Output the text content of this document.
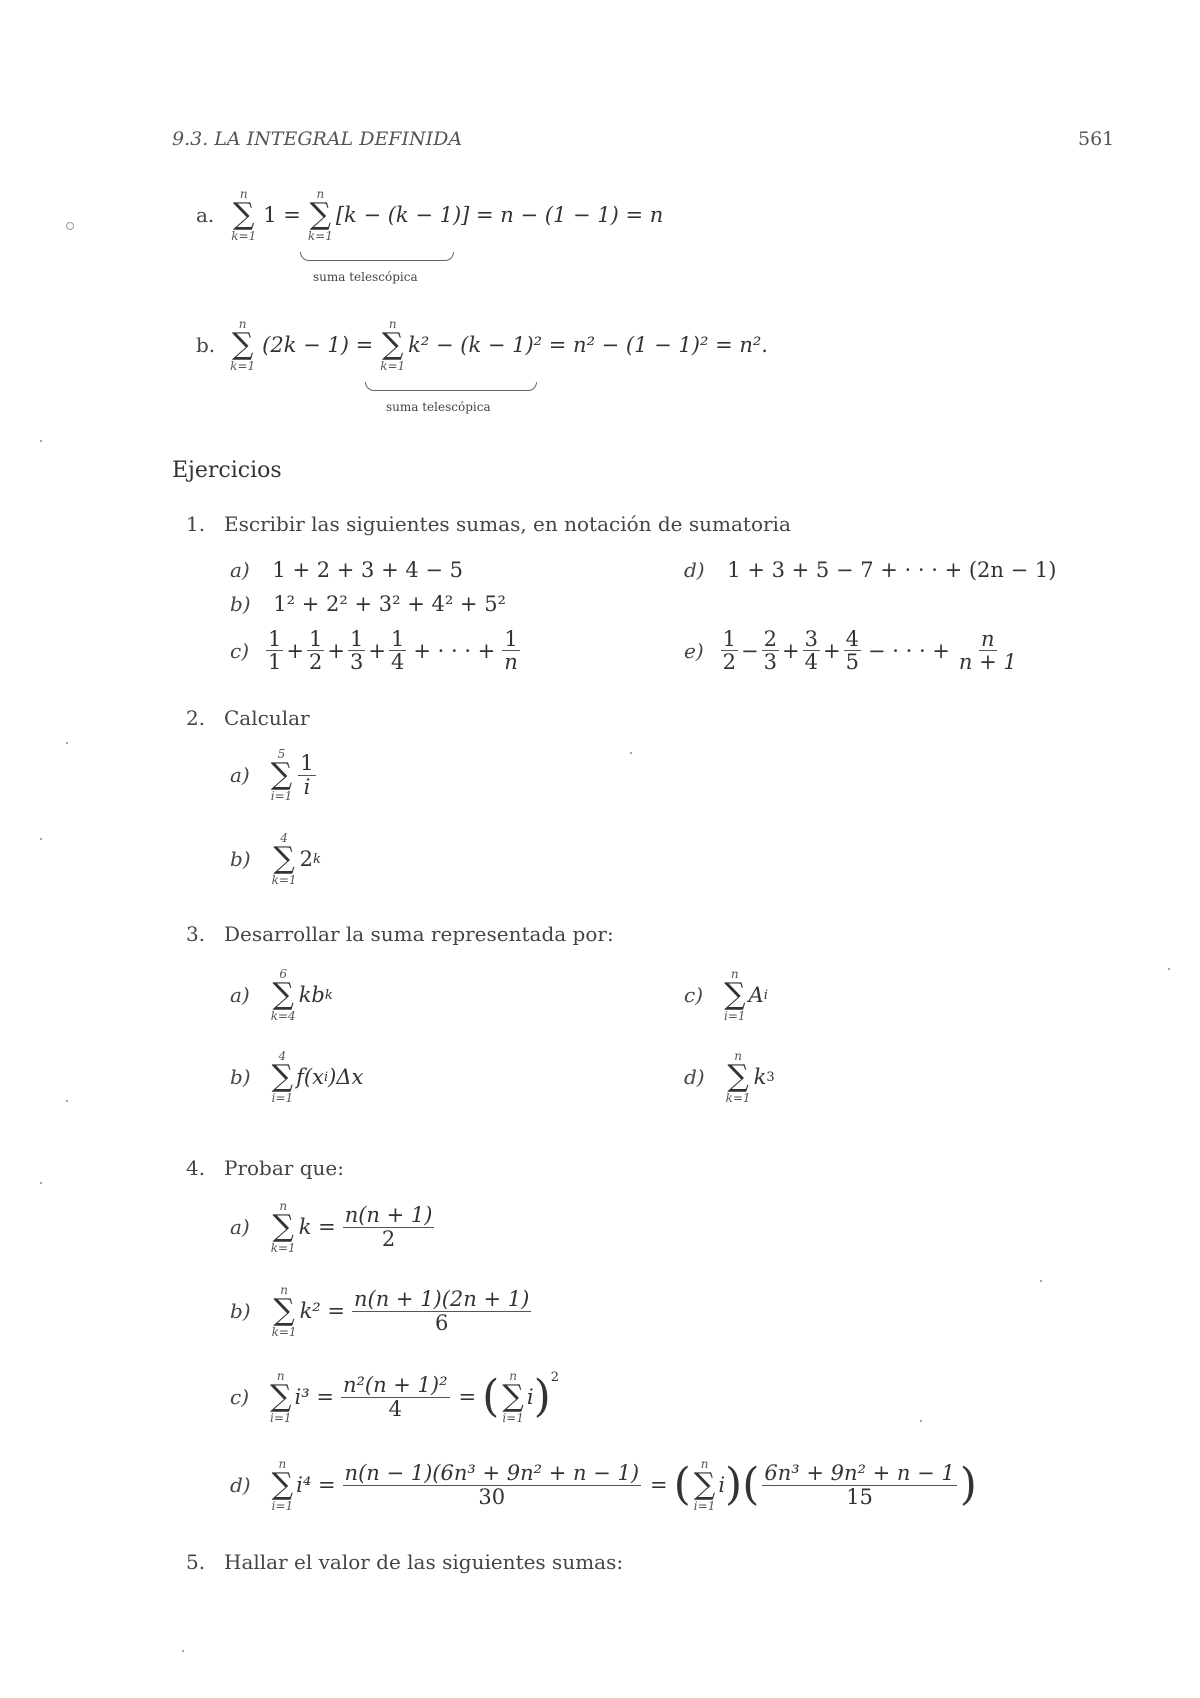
9.3. LA INTEGRAL DEFINIDA	561
a.
n
∑
k=1
1 =
n
∑
k=1
[k − (k − 1)] = n − (1 − 1) = n
suma telescópica
b.
n
∑
k=1
(2k − 1) =
n
∑
k=1
k² − (k − 1)² = n² − (1 − 1)² = n².
suma telescópica
Ejercicios
1. Escribir las siguientes sumas, en notación de sumatoria
a) 1 + 2 + 3 + 4 − 5
b) 1² + 2² + 3² + 4² + 5²
$c) \frac{1}{1} + \frac{1}{2} + \frac{1}{3} + \frac{1}{4}$ + · · · + $\frac{1}{n}$
d) 1 + 3 + 5 − 7 + · · · + (2n − 1)
$e) \frac{1}{2} - \frac{2}{3} + \frac{3}{4} + \frac{4}{5}$ − · · · + $\frac{n}{n + 1}$
2. Calcular
a)
5
∑
$i=1 \frac{1}{i}$
b)
4
∑
k=1
2 k
3. Desarrollar la suma representada por:
a)
6
∑
k=4
kb k
b)
4
∑
i=1
f(x i )Δx
c)
n
∑
i=1
A i
d)
n
∑
k=1
k 3
4. Probar que:
a)
n
∑
k=1
$k = \frac{n(n + 1)}{2}$
b)
n
∑
k=1
$k^2 = \frac{n(n + 1)(2n + 1)}{6}$
c)
n
∑
i=1
$i^3 = \frac{\text{n²(n + 1)²}}{4}$ = ( n
∑
i=1
i )$^2$
d)
n
∑
i=1
$i^4 = \frac{\text{n(n − 1)(6n³ + 9n² + n − 1)}}{30}$ = ( n
∑
i=1
i ) ( $\frac{\text{6n³ + 9n² + n − 1}}{15}$ )
5. Hallar el valor de las siguientes sumas:
